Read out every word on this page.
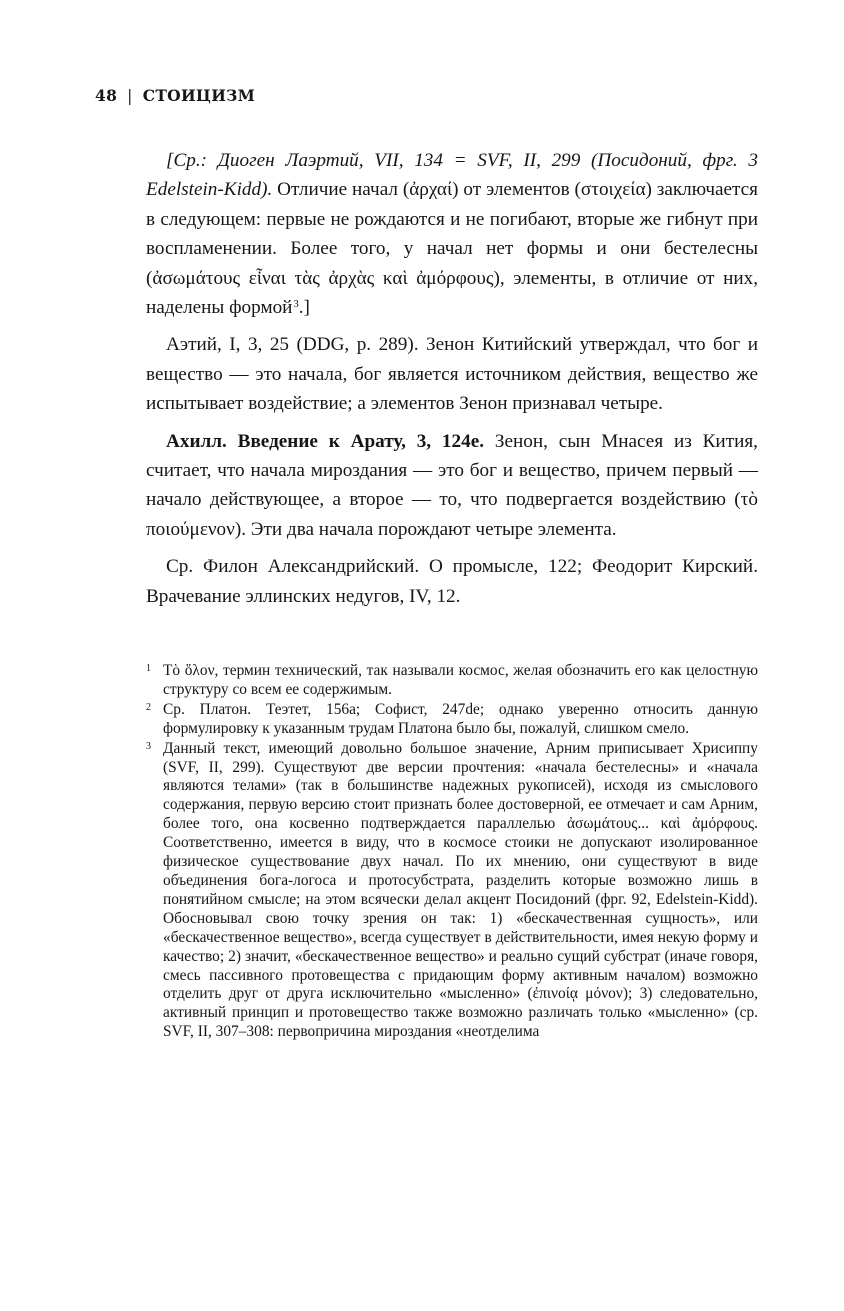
48 | СТОИЦИЗМ

[Ср.: Диоген Лаэртий, VII, 134 = SVF, II, 299 (Посидоний, фрг. 3 Edelstein-Kidd). Отличие начал (ἀρχαί) от элементов (στοιχεία) заключается в следующем: первые не рождаются и не погибают, вторые же гибнут при воспламенении. Более того, у начал нет формы и они бестелесны (ἀσωμάτους εἶναι τὰς ἀρχὰς καὶ ἀμόρφους), элементы, в отличие от них, наделены формой$^3$.]

Аэтий, I, 3, 25 (DDG, p. 289). Зенон Китийский утверждал, что бог и вещество — это начала, бог является источником действия, вещество же испытывает воздействие; а элементов Зенон признавал четыре.

Ахилл. Введение к Арату, 3, 124е. Зенон, сын Мнасея из Кития, считает, что начала мироздания — это бог и вещество, причем первый — начало действующее, а второе — то, что подвергается воздействию (τὸ ποιούμενον). Эти два начала порождают четыре элемента.

Ср. Филон Александрийский. О промысле, 122; Феодорит Кирский. Врачевание эллинских недугов, IV, 12.

1 Τὸ ὅλον, термин технический, так называли космос, желая обозначить его как целостную структуру со всем ее содержимым.
2 Ср. Платон. Теэтет, 156а; Софист, 247de; однако уверенно относить данную формулировку к указанным трудам Платона было бы, пожалуй, слишком смело.
3 Данный текст, имеющий довольно большое значение, Арним приписывает Хрисиппу (SVF, II, 299). Существуют две версии прочтения: «начала бестелесны» и «начала являются телами» (так в большинстве надежных рукописей), исходя из смыслового содержания, первую версию стоит признать более достоверной, ее отмечает и сам Арним, более того, она косвенно подтверждается параллелью ἀσωμάτους... καὶ ἀμόρφους. Соответственно, имеется в виду, что в космосе стоики не допускают изолированное физическое существование двух начал. По их мнению, они существуют в виде объединения бога-логоса и протосубстрата, разделить которые возможно лишь в понятийном смысле; на этом всячески делал акцент Посидоний (фрг. 92, Edelstein-Kidd). Обосновывал свою точку зрения он так: 1) «бескачественная сущность», или «бескачественное вещество», всегда существует в действительности, имея некую форму и качество; 2) значит, «бескачественное вещество» и реально сущий субстрат (иначе говоря, смесь пассивного протовещества с придающим форму активным началом) возможно отделить друг от друга исключительно «мысленно» (ἐπινοίᾳ μόνον); 3) следовательно, активный принцип и протовещество также возможно различать только «мысленно» (ср. SVF, II, 307–308: первопричина мироздания «неотделима
